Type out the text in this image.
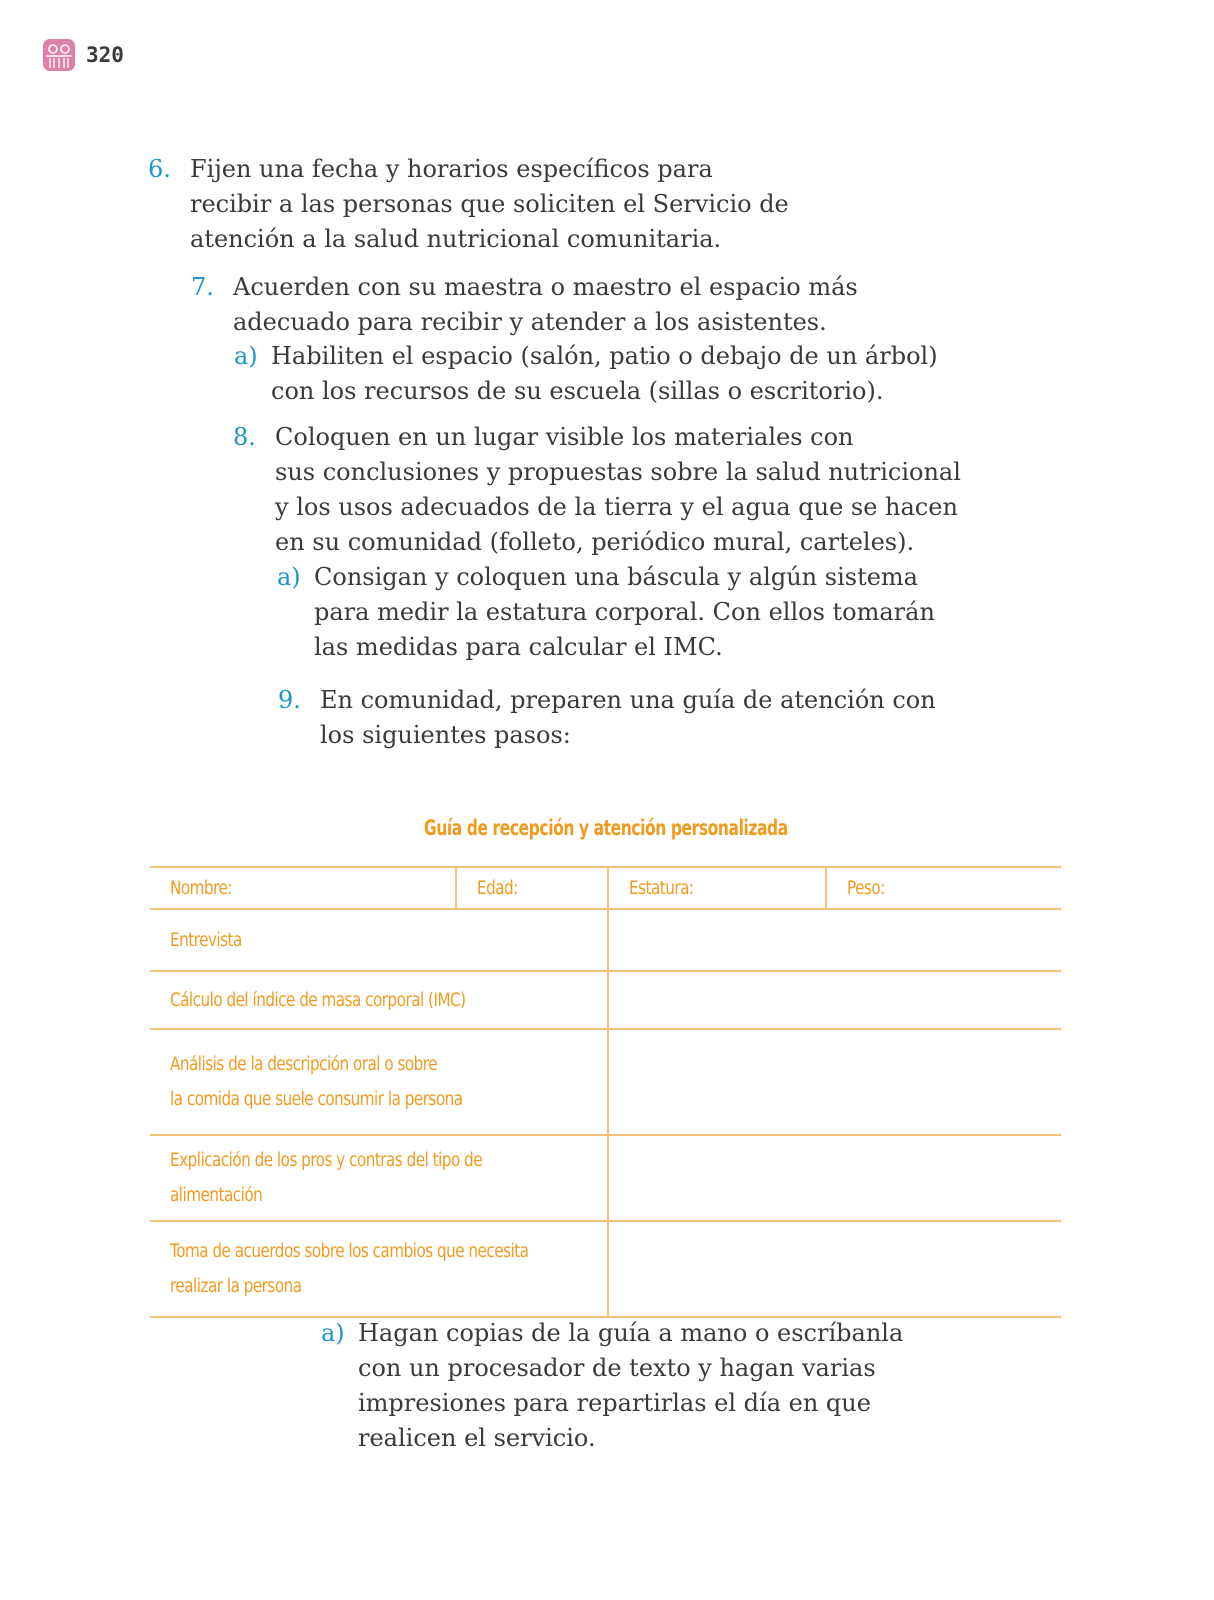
320
6. Fijen una fecha y horarios específicos para
recibir a las personas que soliciten el Servicio de
atención a la salud nutricional comunitaria.
7. Acuerden con su maestra o maestro el espacio más
adecuado para recibir y atender a los asistentes.
a) Habiliten el espacio (salón, patio o debajo de un árbol)
con los recursos de su escuela (sillas o escritorio).
8. Coloquen en un lugar visible los materiales con
sus conclusiones y propuestas sobre la salud nutricional
y los usos adecuados de la tierra y el agua que se hacen
en su comunidad (folleto, periódico mural, carteles).
a) Consigan y coloquen una báscula y algún sistema
para medir la estatura corporal. Con ellos tomarán
las medidas para calcular el IMC.
9. En comunidad, preparen una guía de atención con
los siguientes pasos:
Guía de recepción y atención personalizada
Nombre:	Edad:	Estatura:	Peso:
Entrevista			
Cálculo del índice de masa corporal (IMC)			
Análisis de la descripción oral o sobre
la comida que suele consumir la persona			
Explicación de los pros y contras del tipo de
alimentación			
Toma de acuerdos sobre los cambios que necesita
realizar la persona			
a) Hagan copias de la guía a mano o escríbanla
con un procesador de texto y hagan varias
impresiones para repartirlas el día en que
realicen el servicio.
